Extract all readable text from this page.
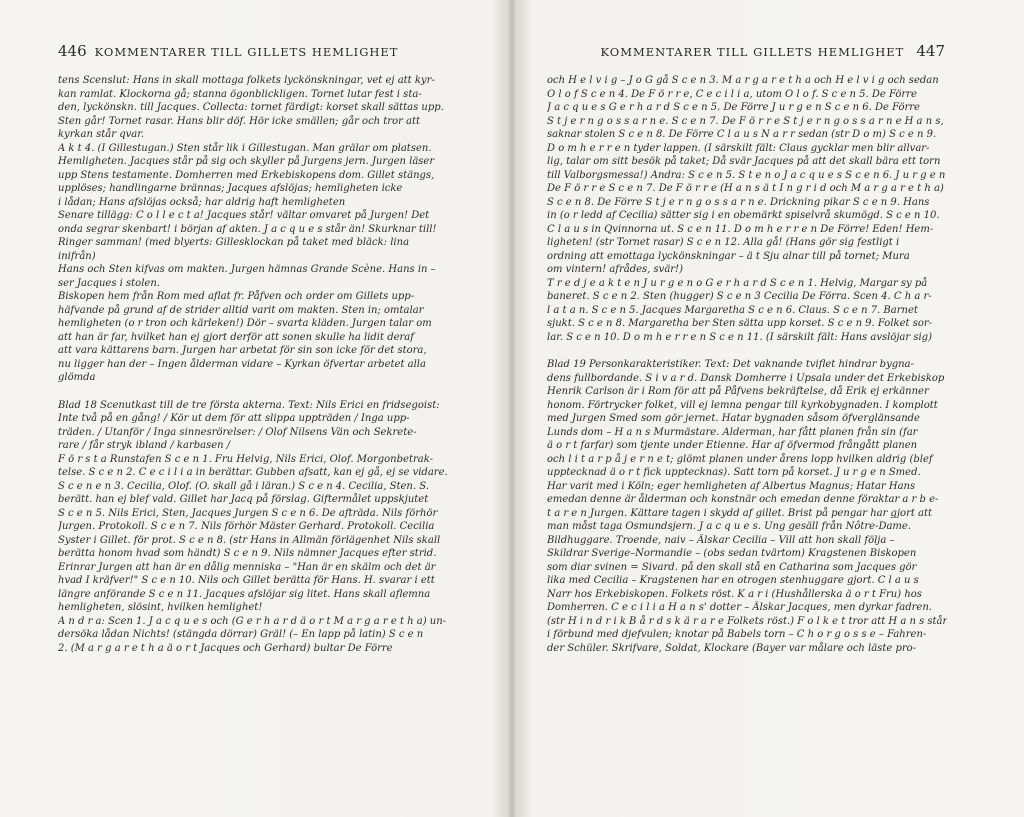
446 KOMMENTARER TILL GILLETS HEMLIGHET
tens Scenslut: Hans in skall mottaga folkets lyckönskningar, vet ej att kyr-
kan ramlat. Klockorna gå; stanna ögonblickligen. Tornet lutar fest i sta-
den, lyckönskn. till Jacques. Collecta: tornet färdigt: korset skall sättas upp.
Sten går! Tornet rasar. Hans blir döf. Hör icke smällen; går och tror att
kyrkan står qvar.
A k t 4. (I Gillestugan.) Sten står lik i Gillestugan. Man grälar om platsen.
Hemligheten. Jacques står på sig och skyller på Jurgens jern. Jurgen läser
upp Stens testamente. Domherren med Erkebiskopens dom. Gillet stängs,
upplöses; handlingarne brännas; Jacques afslöjas; hemligheten icke
i lådan; Hans afslöjas också; har aldrig haft hemligheten
Senare tillägg: C o l l e c t a! Jacques står! vältar omvaret på Jurgen! Det
onda segrar skenbart! i början af akten. J a c q u e s står än! Skurknar till!
Ringer samman! (med blyerts: Gillesklockan på taket med bläck: lina
inifrån)
Hans och Sten kifvas om makten. Jurgen hämnas Grande Scène. Hans in –
ser Jacques i stolen.
Biskopen hem från Rom med aflat fr. Påfven och order om Gillets upp-
häfvande på grund af de strider alltid varit om makten. Sten in; omtalar
hemligheten (o r tron och kärleken!) Dör – svarta kläden. Jurgen talar om
att han är far, hvilket han ej gjort derför att sonen skulle ha lidit deraf
att vara kättarens barn. Jurgen har arbetat för sin son icke för det stora,
nu ligger han der – Ingen ålderman vidare – Kyrkan öfvertar arbetet alla
glömda
Blad 18 Scenutkast till de tre första akterna. Text: Nils Erici en fridsegoist:
Inte två på en gång! / Kör ut dem för att slippa uppträden / Inga upp-
träden. / Utanför / Inga sinnesrörelser: / Olof Nilsens Vän och Sekrete-
rare / får stryk ibland / karbasen /
F ö r s t a Runstafen S c e n 1. Fru Helvig, Nils Erici, Olof. Morgonbetrak-
telse. S c e n 2. C e c i l i a in berättar. Gubben afsatt, kan ej gå, ej se vidare.
S c e n e n 3. Cecilia, Olof. (O. skall gå i läran.) S c e n 4. Cecilia, Sten. S.
berätt. han ej blef vald. Gillet har Jacq på förslag. Giftermålet uppskjutet
S c e n 5. Nils Erici, Sten, Jacques Jurgen S c e n 6. De afträda. Nils förhör
Jurgen. Protokoll. S c e n 7. Nils förhör Mäster Gerhard. Protokoll. Cecilia
Syster i Gillet. för prot. S c e n 8. (str Hans in Allmän förlägenhet Nils skall
berätta honom hvad som händt) S c e n 9. Nils nämner Jacques efter strid.
Erinrar Jurgen att han är en dålig menniska – "Han är en skälm och det är
hvad I kräfver!" S c e n 10. Nils och Gillet berätta för Hans. H. svarar i ett
längre anförande S c e n 11. Jacques afslöjar sig litet. Hans skall aflemna
hemligheten, slösint, hvilken hemlighet!
A n d r a: Scen 1. J a c q u e s och (G e r h a r d ä o r t M a r g a r e t h a) un-
dersöka lådan Nichts! (stängda dörrar) Gräl! (– En lapp på latin) S c e n
2. (M a r g a r e t h a ä o r t Jacques och Gerhard) bultar De Förre
KOMMENTARER TILL GILLETS HEMLIGHET 447
och H e l v i g – J o G gå S c e n 3. M a r g a r e t h a och H e l v i g och sedan
O l o f S c e n 4. De F ö r r e, C e c i l i a, utom O l o f. S c e n 5. De Förre
J a c q u e s G e r h a r d S c e n 5. De Förre J u r g e n S c e n 6. De Förre
S t j e r n g o s s a r n e. S c e n 7. De F ö r r e S t j e r n g o s s a r n e H a n s,
saknar stolen S c e n 8. De Förre C l a u s N a r r sedan (str D o m) S c e n 9.
D o m h e r r e n tyder lappen. (I särskilt fält: Claus gycklar men blir allvar-
lig, talar om sitt besök på taket; Då svär Jacques på att det skall bära ett torn
till Valborgsmessa!) Andra: S c e n 5. S t e n o J a c q u e s S c e n 6. J u r g e n
De F ö r r e S c e n 7. De F ö r r e (H a n s ä t I n g r i d och M a r g a r e t h a)
S c e n 8. De Förre S t j e r n g o s s a r n e. Drickning pikar S c e n 9. Hans
in (o r ledd af Cecilia) sätter sig i en obemärkt spiselvrå skumögd. S c e n 10.
C l a u s in Qvinnorna ut. S c e n 11. D o m h e r r e n De Förre! Eden! Hem-
ligheten! (str Tornet rasar) S c e n 12. Alla gå! (Hans gör sig festligt i
ordning att emottaga lyckönskningar – ä t Sju alnar till på tornet; Mura
om vintern! afrådes, svär!)
T r e d j e a k t e n J u r g e n o G e r h a r d S c e n 1. Helvig, Margar sy på
baneret. S c e n 2. Sten (hugger) S c e n 3 Cecilia De Förra. Scen 4. C h a r-
l a t a n. S c e n 5. Jacques Margaretha S c e n 6. Claus. S c e n 7. Barnet
sjukt. S c e n 8. Margaretha ber Sten sätta upp korset. S c e n 9. Folket sor-
lar. S c e n 10. D o m h e r r e n S c e n 11. (I särskilt fält: Hans avslöjar sig)
Blad 19 Personkarakteristiker. Text: Det vaknande tviflet hindrar bygna-
dens fullbordande. S i v a r d. Dansk Domherre i Upsala under det Erkebiskop
Henrik Carlson är i Rom för att på Påfvens bekräftelse, då Erik ej erkänner
honom. Förtrycker folket, vill ej lemna pengar till kyrkobygnaden. I komplott
med Jurgen Smed som gör jernet. Hatar bygnaden såsom öfverglänsande
Lunds dom – H a n s Murmästare. Alderman, har fått planen från sin (far
ä o r t farfar) som tjente under Etienne. Har af öfvermod frångått planen
och l i t a r p å j e r n e t; glömt planen under årens lopp hvilken aldrig (blef
upptecknad ä o r t fick upptecknas). Satt torn på korset. J u r g e n Smed.
Har varit med i Köln; eger hemligheten af Albertus Magnus; Hatar Hans
emedan denne är ålderman och konstnär och emedan denne föraktar a r b e-
t a r e n Jurgen. Kättare tagen i skydd af gillet. Brist på pengar har gjort att
man måst taga Osmundsjern. J a c q u e s. Ung gesäll från Nôtre-Dame.
Bildhuggare. Troende, naiv – Älskar Cecilia – Vill att hon skall följa –
Skildrar Sverige–Normandie – (obs sedan tvärtom) Kragstenen Biskopen
som diar svinen = Sivard. på den skall stå en Catharina som Jacques gör
lika med Cecilia – Kragstenen har en otrogen stenhuggare gjort. C l a u s
Narr hos Erkebiskopen. Folkets röst. K a r i (Hushållerska ä o r t Fru) hos
Domherren. C e c i l i a H a n s' dotter – Älskar Jacques, men dyrkar fadren.
(str H i n d r i k B å r d s k ä r a r e Folkets röst.) F o l k e t tror att H a n s står
i förbund med djefvulen; knotar på Babels torn – C h o r g o s s e – Fahren-
der Schüler. Skrifvare, Soldat, Klockare (Bayer var målare och läste pro-
